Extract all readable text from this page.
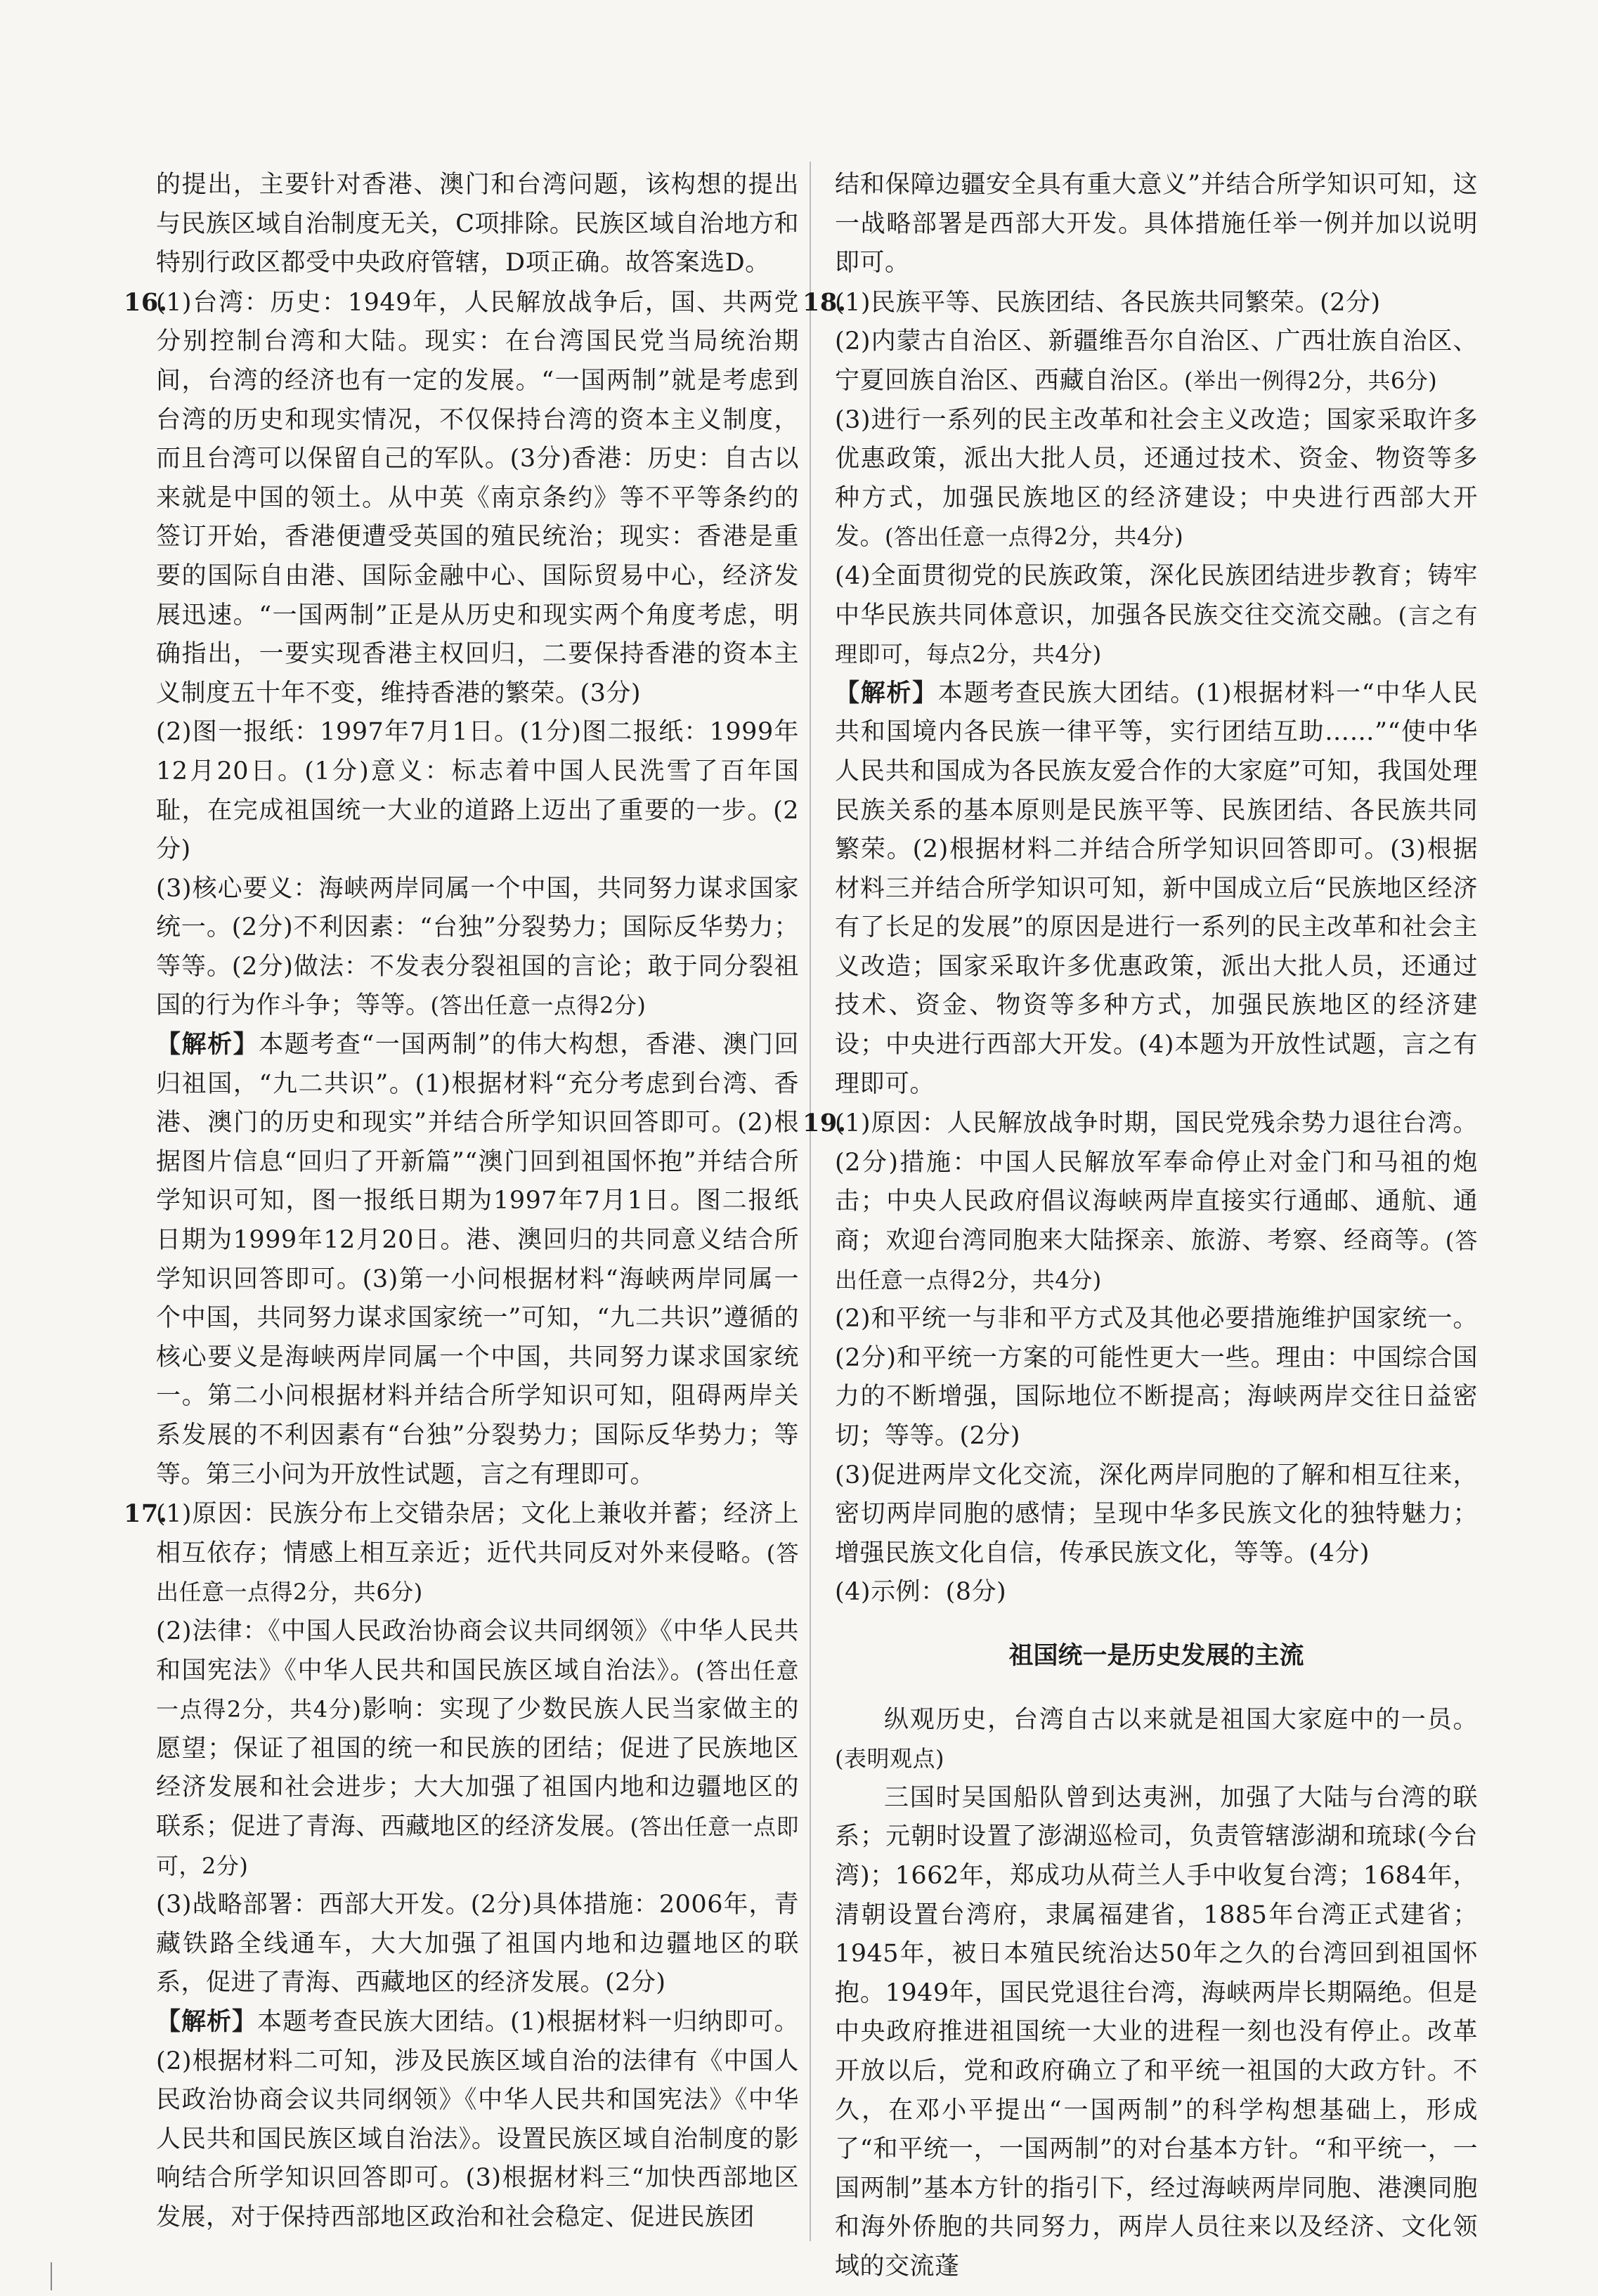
的提出，主要针对香港、澳门和台湾问题，该构想的提出与民族区域自治制度无关，C项排除。民族区域自治地方和特别行政区都受中央政府管辖，D项正确。故答案选D。

16.(1)台湾：历史：1949年，人民解放战争后，国、共两党分别控制台湾和大陆。现实：在台湾国民党当局统治期间，台湾的经济也有一定的发展。“一国两制”就是考虑到台湾的历史和现实情况，不仅保持台湾的资本主义制度，而且台湾可以保留自己的军队。(3分)香港：历史：自古以来就是中国的领土。从中英《南京条约》等不平等条约的签订开始，香港便遭受英国的殖民统治；现实：香港是重要的国际自由港、国际金融中心、国际贸易中心，经济发展迅速。“一国两制”正是从历史和现实两个角度考虑，明确指出，一要实现香港主权回归，二要保持香港的资本主义制度五十年不变，维持香港的繁荣。(3分)

(2)图一报纸：1997年7月1日。(1分)图二报纸：1999年12月20日。(1分)意义：标志着中国人民洗雪了百年国耻，在完成祖国统一大业的道路上迈出了重要的一步。(2分)

(3)核心要义：海峡两岸同属一个中国，共同努力谋求国家统一。(2分)不利因素：“台独”分裂势力；国际反华势力；等等。(2分)做法：不发表分裂祖国的言论；敢于同分裂祖国的行为作斗争；等等。(答出任意一点得2分)

【解析】本题考查“一国两制”的伟大构想，香港、澳门回归祖国，“九二共识”。(1)根据材料“充分考虑到台湾、香港、澳门的历史和现实”并结合所学知识回答即可。(2)根据图片信息“回归了开新篇”“澳门回到祖国怀抱”并结合所学知识可知，图一报纸日期为1997年7月1日。图二报纸日期为1999年12月20日。港、澳回归的共同意义结合所学知识回答即可。(3)第一小问根据材料“海峡两岸同属一个中国，共同努力谋求国家统一”可知，“九二共识”遵循的核心要义是海峡两岸同属一个中国，共同努力谋求国家统一。第二小问根据材料并结合所学知识可知，阻碍两岸关系发展的不利因素有“台独”分裂势力；国际反华势力；等等。第三小问为开放性试题，言之有理即可。

17.(1)原因：民族分布上交错杂居；文化上兼收并蓄；经济上相互依存；情感上相互亲近；近代共同反对外来侵略。(答出任意一点得2分，共6分)

(2)法律：《中国人民政治协商会议共同纲领》《中华人民共和国宪法》《中华人民共和国民族区域自治法》。(答出任意一点得2分，共4分)影响：实现了少数民族人民当家做主的愿望；保证了祖国的统一和民族的团结；促进了民族地区经济发展和社会进步；大大加强了祖国内地和边疆地区的联系；促进了青海、西藏地区的经济发展。(答出任意一点即可，2分)

(3)战略部署：西部大开发。(2分)具体措施：2006年，青藏铁路全线通车，大大加强了祖国内地和边疆地区的联系，促进了青海、西藏地区的经济发展。(2分)

【解析】本题考查民族大团结。(1)根据材料一归纳即可。(2)根据材料二可知，涉及民族区域自治的法律有《中国人民政治协商会议共同纲领》《中华人民共和国宪法》《中华人民共和国民族区域自治法》。设置民族区域自治制度的影响结合所学知识回答即可。(3)根据材料三“加快西部地区发展，对于保持西部地区政治和社会稳定、促进民族团

结和保障边疆安全具有重大意义”并结合所学知识可知，这一战略部署是西部大开发。具体措施任举一例并加以说明即可。

18.(1)民族平等、民族团结、各民族共同繁荣。(2分)

(2)内蒙古自治区、新疆维吾尔自治区、广西壮族自治区、宁夏回族自治区、西藏自治区。(举出一例得2分，共6分)

(3)进行一系列的民主改革和社会主义改造；国家采取许多优惠政策，派出大批人员，还通过技术、资金、物资等多种方式，加强民族地区的经济建设；中央进行西部大开发。(答出任意一点得2分，共4分)

(4)全面贯彻党的民族政策，深化民族团结进步教育；铸牢中华民族共同体意识，加强各民族交往交流交融。(言之有理即可，每点2分，共4分)

【解析】本题考查民族大团结。(1)根据材料一“中华人民共和国境内各民族一律平等，实行团结互助……”“使中华人民共和国成为各民族友爱合作的大家庭”可知，我国处理民族关系的基本原则是民族平等、民族团结、各民族共同繁荣。(2)根据材料二并结合所学知识回答即可。(3)根据材料三并结合所学知识可知，新中国成立后“民族地区经济有了长足的发展”的原因是进行一系列的民主改革和社会主义改造；国家采取许多优惠政策，派出大批人员，还通过技术、资金、物资等多种方式，加强民族地区的经济建设；中央进行西部大开发。(4)本题为开放性试题，言之有理即可。

19.(1)原因：人民解放战争时期，国民党残余势力退往台湾。(2分)措施：中国人民解放军奉命停止对金门和马祖的炮击；中央人民政府倡议海峡两岸直接实行通邮、通航、通商；欢迎台湾同胞来大陆探亲、旅游、考察、经商等。(答出任意一点得2分，共4分)

(2)和平统一与非和平方式及其他必要措施维护国家统一。(2分)和平统一方案的可能性更大一些。理由：中国综合国力的不断增强，国际地位不断提高；海峡两岸交往日益密切；等等。(2分)

(3)促进两岸文化交流，深化两岸同胞的了解和相互往来，密切两岸同胞的感情；呈现中华多民族文化的独特魅力；增强民族文化自信，传承民族文化，等等。(4分)

(4)示例：(8分)

祖国统一是历史发展的主流

纵观历史，台湾自古以来就是祖国大家庭中的一员。(表明观点)

三国时吴国船队曾到达夷洲，加强了大陆与台湾的联系；元朝时设置了澎湖巡检司，负责管辖澎湖和琉球(今台湾)；1662年，郑成功从荷兰人手中收复台湾；1684年，清朝设置台湾府，隶属福建省，1885年台湾正式建省；1945年，被日本殖民统治达50年之久的台湾回到祖国怀抱。1949年，国民党退往台湾，海峡两岸长期隔绝。但是中央政府推进祖国统一大业的进程一刻也没有停止。改革开放以后，党和政府确立了和平统一祖国的大政方针。不久，在邓小平提出“一国两制”的科学构想基础上，形成了“和平统一，一国两制”的对台基本方针。“和平统一，一国两制”基本方针的指引下，经过海峡两岸同胞、港澳同胞和海外侨胞的共同努力，两岸人员往来以及经济、文化领域的交流蓬
